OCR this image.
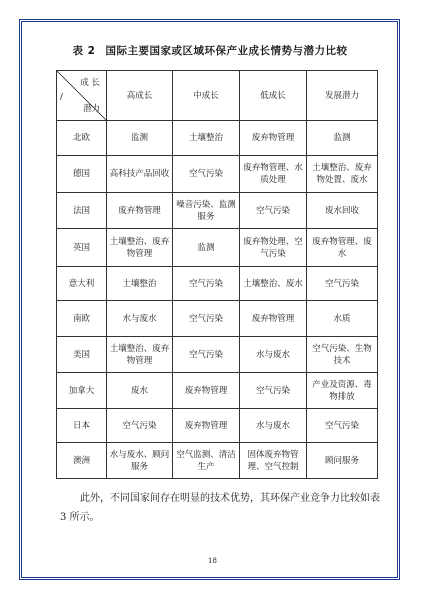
表 2 国际主要国家或区域环保产业成长情势与潜力比较
成 长
/
潜力	高成长	中成长	低成长	发展潜力
北欧	监测	土壤整治	废弃物管理	监测
德国	高科技产品回收	空气污染	废弃物管理、水质处理	土壤整治、废弃物处置、废水
法国	废弃物管理	噪音污染、监测服务	空气污染	废水回收
英国	土壤整治、废弃物管理	监测	废弃物处理、空气污染	废弃物管理、废水
意大利	土壤整治	空气污染	土壤整治、废水	空气污染
南欧	水与废水	空气污染	废弃物管理	水质
美国	土壤整治、废弃物管理	空气污染	水与废水	空气污染、生物技术
加拿大	废水	废弃物管理	空气污染	产业及资源、毒物排放
日本	空气污染	废弃物管理	水与废水	空气污染
澳洲	水与废水、顾问服务	空气监测、清洁生产	固体废弃物管理、空气控制	顾问服务

此外，不同国家间存在明显的技术优势，其环保产业竞争力比较如表 3 所示。

18
